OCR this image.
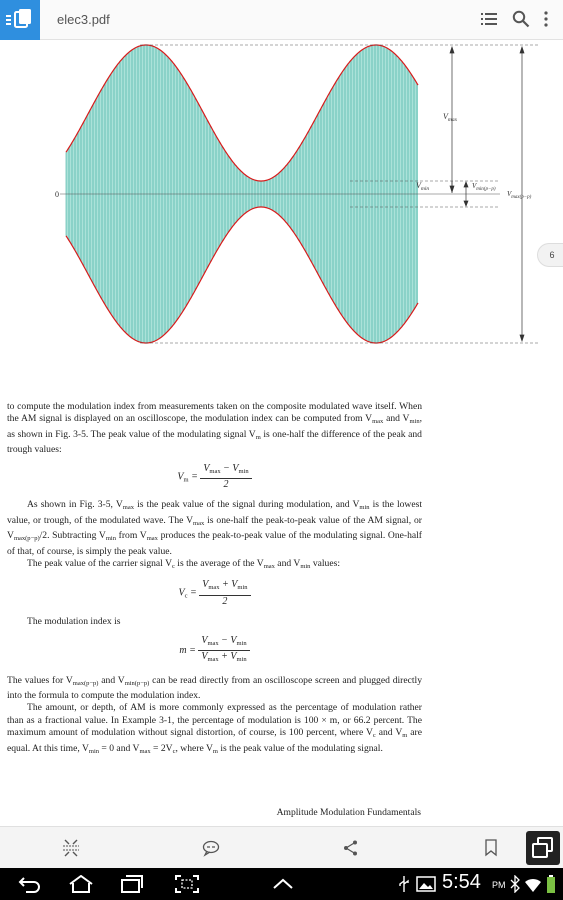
elec3.pdf
0
$V_{max}$
$V_{min}$	$V_{min(p-p)}$
$V_{max(p-p)}$
6

to compute the modulation index from measurements taken on the composite modulated wave itself. When the AM signal is displayed on an oscilloscope, the modulation index can be computed from $V_{max}$ and $V_{min}$, as shown in Fig. 3-5. The peak value of the modulating signal $V_m$ is one-half the difference of the peak and trough values:

$V_m = \frac{V_{max} - V_{min}}{2}$

As shown in Fig. 3-5, $V_{max}$ is the peak value of the signal during modulation, and $V_{min}$ is the lowest value, or trough, of the modulated wave. The $V_{max}$ is one-half the peak-to-peak value of the AM signal, or $V_{max(p-p)}/2$. Subtracting $V_{min}$ from $V_{max}$ produces the peak-to-peak value of the modulating signal. One-half of that, of course, is simply the peak value.

The peak value of the carrier signal $V_c$ is the average of the $V_{max}$ and $V_{min}$ values:

$V_c = \frac{V_{max} + V_{min}}{2}$

The modulation index is

$m = \frac{V_{max} - V_{min}}{V_{max} + V_{min}}$

The values for $V_{max(p-p)}$ and $V_{min(p-p)}$ can be read directly from an oscilloscope screen and plugged directly into the formula to compute the modulation index.

The amount, or depth, of AM is more commonly expressed as the percentage of modulation rather than as a fractional value. In Example 3-1, the percentage of modulation is 100 × m, or 66.2 percent. The maximum amount of modulation without signal distortion, of course, is 100 percent, where $V_c$ and $V_m$ are equal. At this time, $V_{min} = 0$ and $V_{max} = 2V_c$, where $V_m$ is the peak value of the modulating signal.

Amplitude Modulation Fundamentals
5:54 PM
